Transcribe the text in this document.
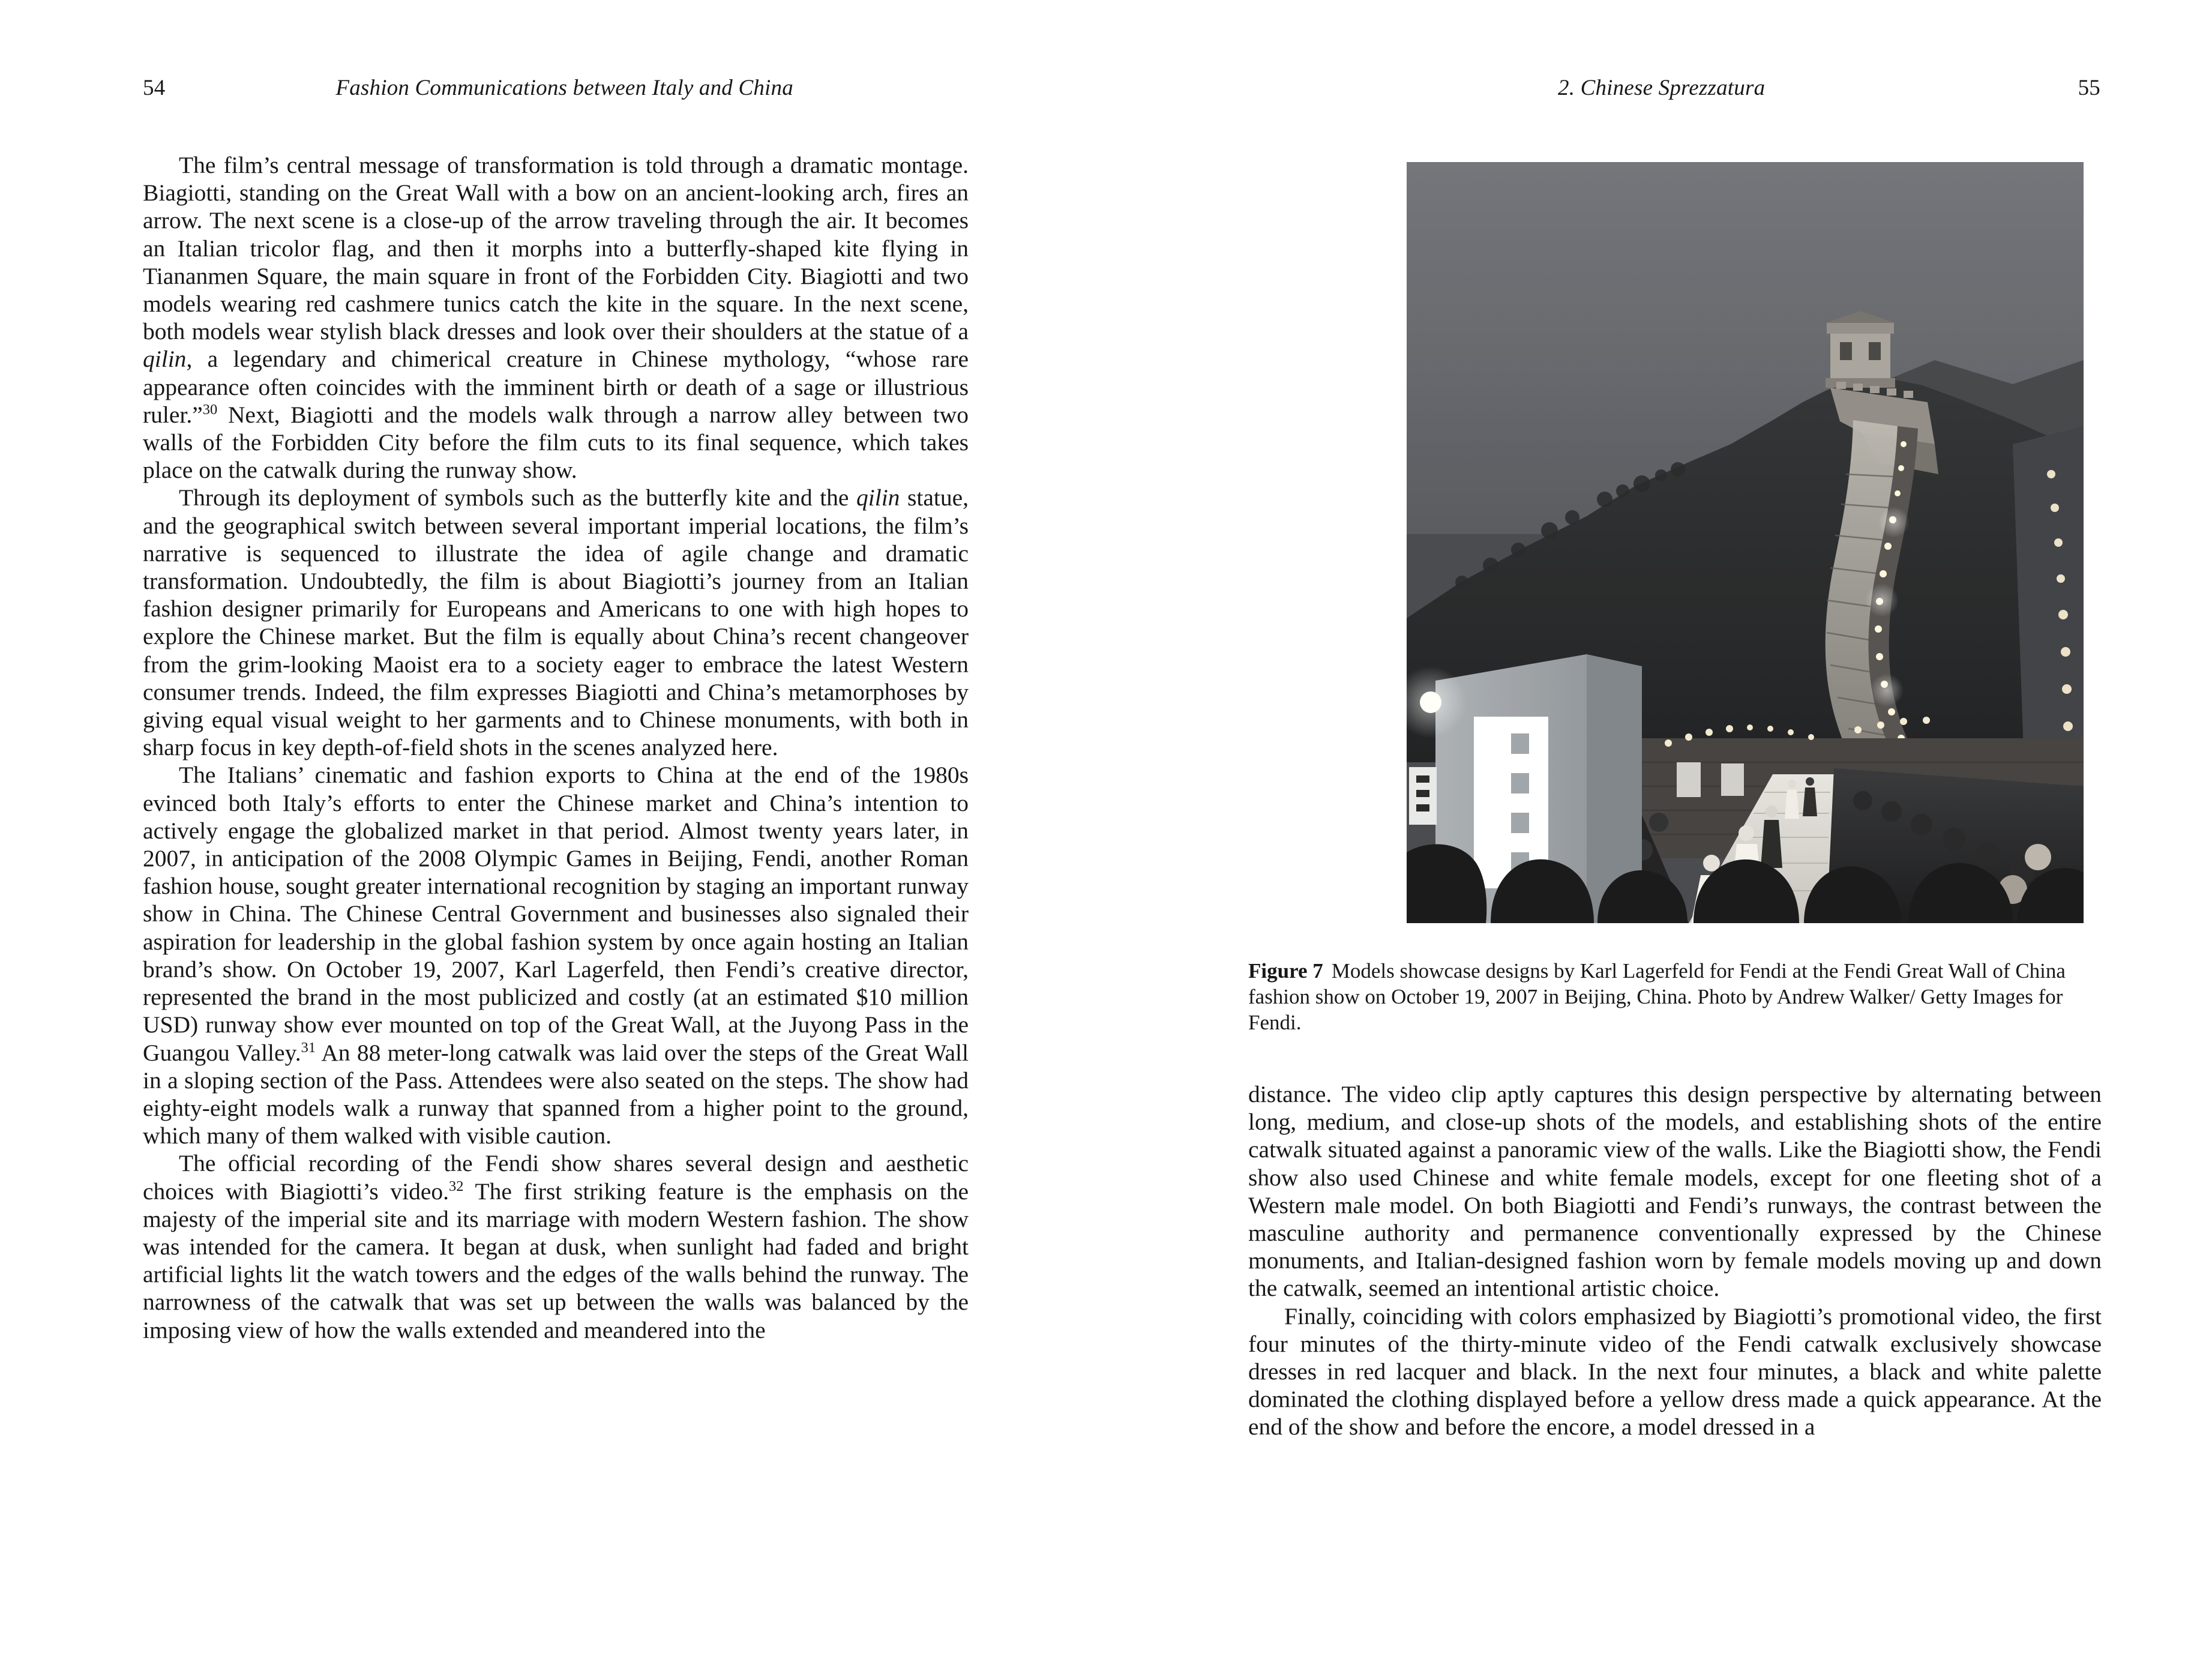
54	Fashion Communications between Italy and China

The film’s central message of transformation is told through a dramatic montage. Biagiotti, standing on the Great Wall with a bow on an ancient-looking arch, fires an arrow. The next scene is a close-up of the arrow traveling through the air. It becomes an Italian tricolor flag, and then it morphs into a butterfly-shaped kite flying in Tiananmen Square, the main square in front of the Forbidden City. Biagiotti and two models wearing red cashmere tunics catch the kite in the square. In the next scene, both models wear stylish black dresses and look over their shoulders at the statue of a qilin, a legendary and chimerical creature in Chinese mythology, “whose rare appearance often coincides with the imminent birth or death of a sage or illustrious ruler.”$^{30}$ Next, Biagiotti and the models walk through a narrow alley between two walls of the Forbidden City before the film cuts to its final sequence, which takes place on the catwalk during the runway show.

Through its deployment of symbols such as the butterfly kite and the qilin statue, and the geographical switch between several important imperial locations, the film’s narrative is sequenced to illustrate the idea of agile change and dramatic transformation. Undoubtedly, the film is about Biagiotti’s journey from an Italian fashion designer primarily for Europeans and Americans to one with high hopes to explore the Chinese market. But the film is equally about China’s recent changeover from the grim-looking Maoist era to a society eager to embrace the latest Western consumer trends. Indeed, the film expresses Biagiotti and China’s metamorphoses by giving equal visual weight to her garments and to Chinese monuments, with both in sharp focus in key depth-of-field shots in the scenes analyzed here.

The Italians’ cinematic and fashion exports to China at the end of the 1980s evinced both Italy’s efforts to enter the Chinese market and China’s intention to actively engage the globalized market in that period. Almost twenty years later, in 2007, in anticipation of the 2008 Olympic Games in Beijing, Fendi, another Roman fashion house, sought greater international recognition by staging an important runway show in China. The Chinese Central Government and businesses also signaled their aspiration for leadership in the global fashion system by once again hosting an Italian brand’s show. On October 19, 2007, Karl Lagerfeld, then Fendi’s creative director, represented the brand in the most publicized and costly (at an estimated $10 million USD) runway show ever mounted on top of the Great Wall, at the Juyong Pass in the Guangou Valley.$^{31}$ An 88 meter-long catwalk was laid over the steps of the Great Wall in a sloping section of the Pass. Attendees were also seated on the steps. The show had eighty-eight models walk a runway that spanned from a higher point to the ground, which many of them walked with visible caution.

The official recording of the Fendi show shares several design and aesthetic choices with Biagiotti’s video.$^{32}$ The first striking feature is the emphasis on the majesty of the imperial site and its marriage with modern Western fashion. The show was intended for the camera. It began at dusk, when sunlight had faded and bright artificial lights lit the watch towers and the edges of the walls behind the runway. The narrowness of the catwalk that was set up between the walls was balanced by the imposing view of how the walls extended and meandered into the

2. Chinese Sprezzatura	55
Figure 7 Models showcase designs by Karl Lagerfeld for Fendi at the Fendi Great Wall of China fashion show on October 19, 2007 in Beijing, China. Photo by Andrew Walker/ Getty Images for Fendi.

distance. The video clip aptly captures this design perspective by alternating between long, medium, and close-up shots of the models, and establishing shots of the entire catwalk situated against a panoramic view of the walls. Like the Biagiotti show, the Fendi show also used Chinese and white female models, except for one fleeting shot of a Western male model. On both Biagiotti and Fendi’s runways, the contrast between the masculine authority and permanence conventionally expressed by the Chinese monuments, and Italian-designed fashion worn by female models moving up and down the catwalk, seemed an intentional artistic choice.

Finally, coinciding with colors emphasized by Biagiotti’s promotional video, the first four minutes of the thirty-minute video of the Fendi catwalk exclusively showcase dresses in red lacquer and black. In the next four minutes, a black and white palette dominated the clothing displayed before a yellow dress made a quick appearance. At the end of the show and before the encore, a model dressed in a
